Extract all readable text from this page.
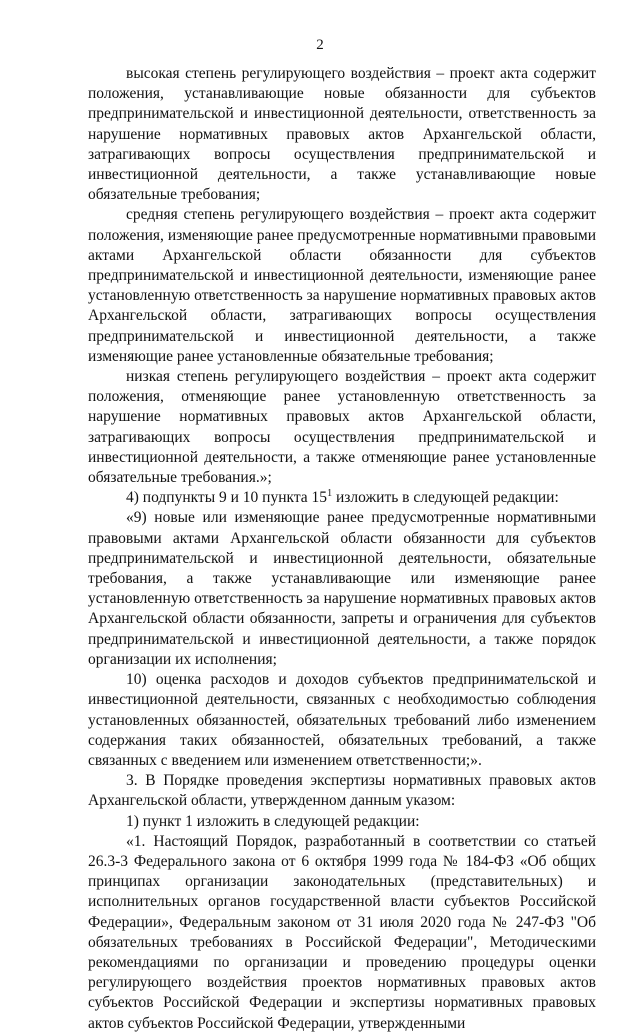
2

высокая степень регулирующего воздействия – проект акта содержит положения, устанавливающие новые обязанности для субъектов предпринимательской и инвестиционной деятельности, ответственность за нарушение нормативных правовых актов Архангельской области, затрагивающих вопросы осуществления предпринимательской и инвестиционной деятельности, а также устанавливающие новые обязательные требования;

средняя степень регулирующего воздействия – проект акта содержит положения, изменяющие ранее предусмотренные нормативными правовыми актами Архангельской области обязанности для субъектов предпринимательской и инвестиционной деятельности, изменяющие ранее установленную ответственность за нарушение нормативных правовых актов Архангельской области, затрагивающих вопросы осуществления предпринимательской и инвестиционной деятельности, а также изменяющие ранее установленные обязательные требования;

низкая степень регулирующего воздействия – проект акта содержит положения, отменяющие ранее установленную ответственность за нарушение нормативных правовых актов Архангельской области, затрагивающих вопросы осуществления предпринимательской и инвестиционной деятельности, а также отменяющие ранее установленные обязательные требования.»;

4) подпункты 9 и 10 пункта $15^1$ изложить в следующей редакции:

«9) новые или изменяющие ранее предусмотренные нормативными правовыми актами Архангельской области обязанности для субъектов предпринимательской и инвестиционной деятельности, обязательные требования, а также устанавливающие или изменяющие ранее установленную ответственность за нарушение нормативных правовых актов Архангельской области обязанности, запреты и ограничения для субъектов предпринимательской и инвестиционной деятельности, а также порядок организации их исполнения;

10) оценка расходов и доходов субъектов предпринимательской и инвестиционной деятельности, связанных с необходимостью соблюдения установленных обязанностей, обязательных требований либо изменением содержания таких обязанностей, обязательных требований, а также связанных с введением или изменением ответственности;».

3. В Порядке проведения экспертизы нормативных правовых актов Архангельской области, утвержденном данным указом:

1) пункт 1 изложить в следующей редакции:

«1. Настоящий Порядок, разработанный в соответствии со статьей 26.3-3 Федерального закона от 6 октября 1999 года № 184-ФЗ «Об общих принципах организации законодательных (представительных) и исполнительных органов государственной власти субъектов Российской Федерации», Федеральным законом от 31 июля 2020 года № 247-ФЗ "Об обязательных требованиях в Российской Федерации", Методическими рекомендациями по организации и проведению процедуры оценки регулирующего воздействия проектов нормативных правовых актов субъектов Российской Федерации и экспертизы нормативных правовых актов субъектов Российской Федерации, утвержденными
